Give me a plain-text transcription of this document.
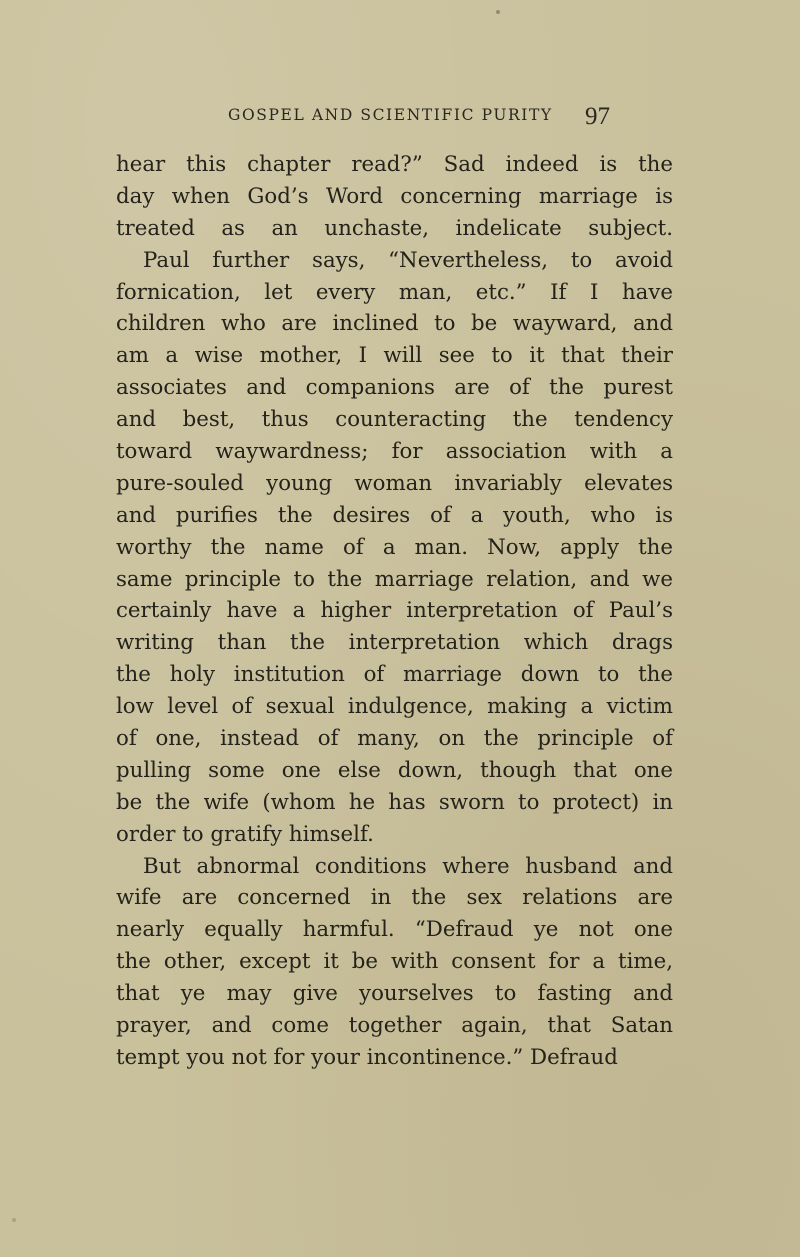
GOSPEL AND SCIENTIFIC PURITY 97
hear this chapter read?” Sad indeed is the
day when God’s Word concerning marriage is
treated as an unchaste, indelicate subject.
Paul further says, “Nevertheless, to avoid
fornication, let every man, etc.” If I have
children who are inclined to be wayward, and
am a wise mother, I will see to it that their
associates and companions are of the purest
and best, thus counteracting the tendency
toward waywardness; for association with a
pure-souled young woman invariably elevates
and purifies the desires of a youth, who is
worthy the name of a man. Now, apply the
same principle to the marriage relation, and we
certainly have a higher interpretation of Paul’s
writing than the interpretation which drags
the holy institution of marriage down to the
low level of sexual indulgence, making a victim
of one, instead of many, on the principle of
pulling some one else down, though that one
be the wife (whom he has sworn to protect) in
order to gratify himself.
But abnormal conditions where husband and
wife are concerned in the sex relations are
nearly equally harmful. “Defraud ye not one
the other, except it be with consent for a time,
that ye may give yourselves to fasting and
prayer, and come together again, that Satan
tempt you not for your incontinence.” Defraud
